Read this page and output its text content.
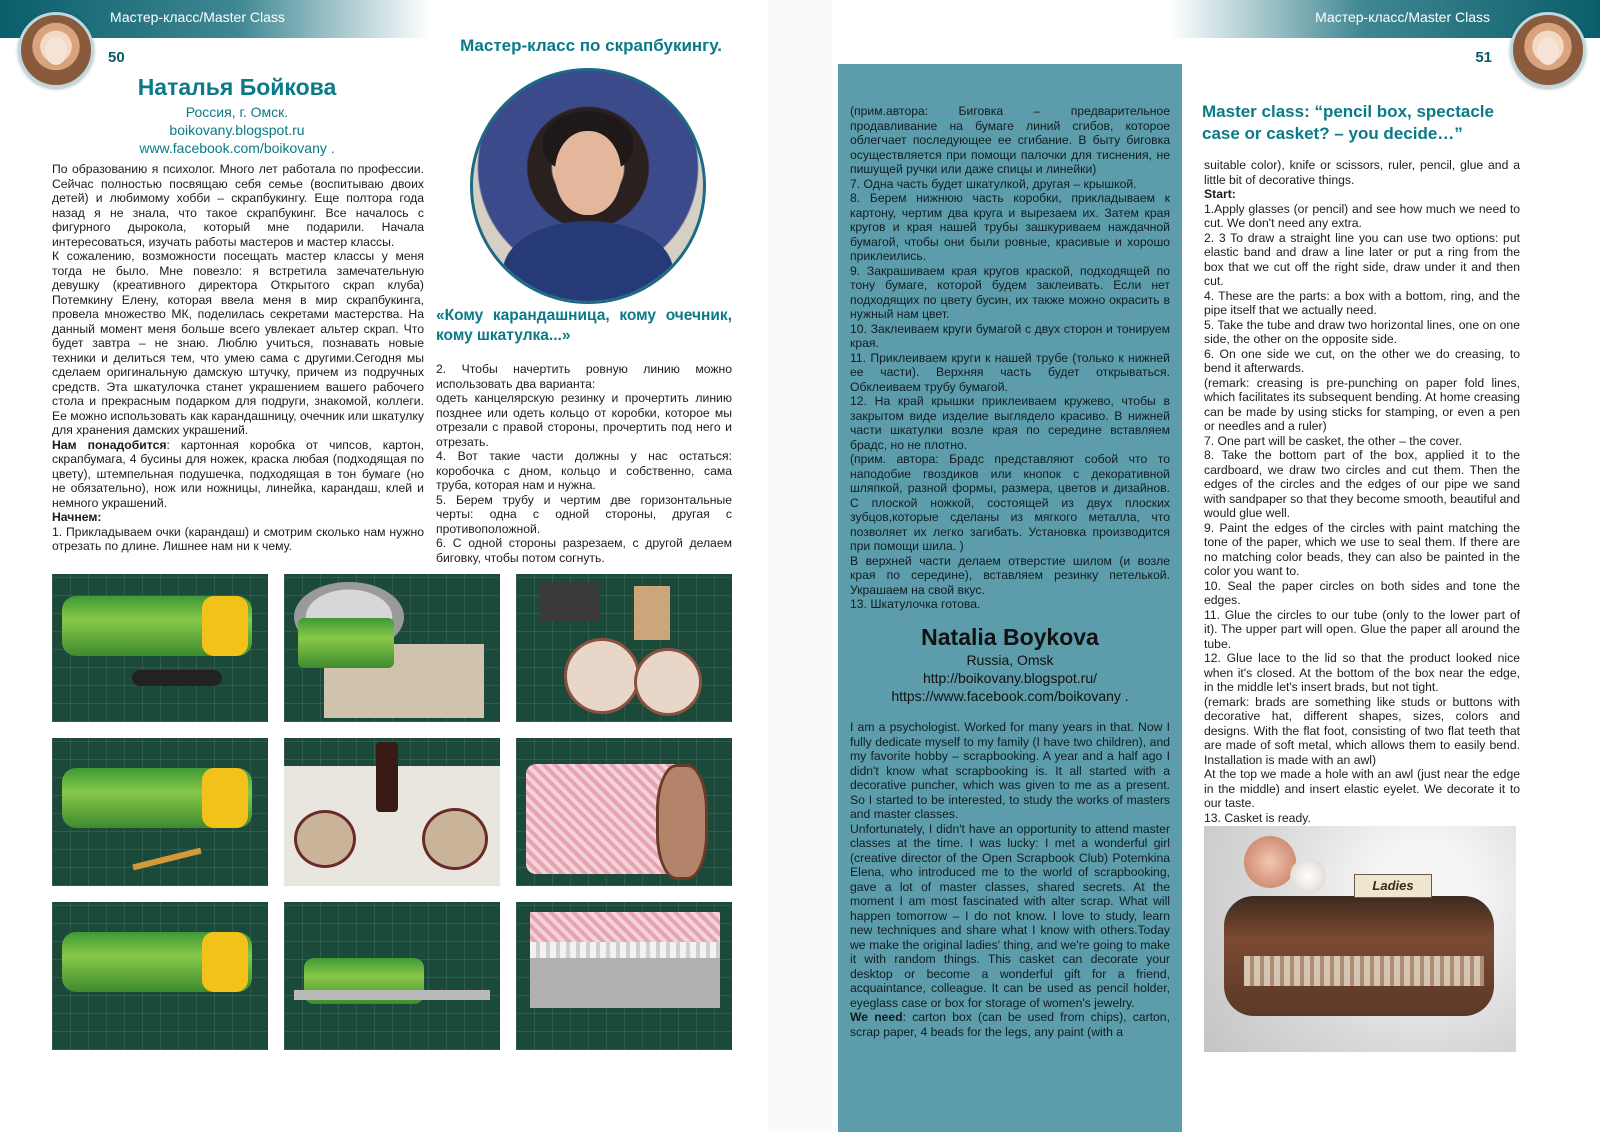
Мастер-класс/Master Class
50
Мастер-класс по скрапбукингу.
Наталья Бойкова
Россия, г. Омск.
boikovany.blogspot.ru
www.facebook.com/boikovany .
«Кому карандашница, кому очечник, кому шкатулка...»

По образованию я психолог. Много лет работала по профессии. Сейчас полностью посвящаю себя семье (воспитываю двоих детей) и любимому хобби – скрапбукингу. Еще полтора года назад я не знала, что такое скрапбукинг. Все началось с фигурного дырокола, который мне подарили. Начала интересоваться, изучать работы мастеров и мастер классы.

К сожалению, возможности посещать мастер классы у меня тогда не было. Мне повезло: я встретила замечательную девушку (креативного директора Открытого скрап клуба) Потемкину Елену, которая ввела меня в мир скрапбукинга, провела множество МК, поделилась секретами мастерства. На данный момент меня больше всего увлекает альтер скрап. Что будет завтра – не знаю. Люблю учиться, познавать новые техники и делиться тем, что умею сама с другими.Сегодня мы сделаем оригинальную дамскую штучку, причем из подручных средств. Эта шкатулочка станет украшением вашего рабочего стола и прекрасным подарком для подруги, знакомой, коллеги. Ее можно использовать как карандашницу, очечник или шкатулку для хранения дамских украшений.

Нам понадобится: картонная коробка от чипсов, картон, скрапбумага, 4 бусины для ножек, краска любая (подходящая по цвету), штемпельная подушечка, подходящая в тон бумаге (но не обязательно), нож или ножницы, линейка, карандаш, клей и немного украшений.

Начнем:

1. Прикладываем очки (карандаш) и смотрим сколько нам нужно отрезать по длине. Лишнее нам ни к чему.

2. Чтобы начертить ровную линию можно использовать два варианта:

одеть канцелярскую резинку и прочертить линию позднее или одеть кольцо от коробки, которое мы отрезали с правой стороны, прочертить под него и отрезать.

4. Вот такие части должны у нас остаться: коробочка с дном, кольцо и собственно, сама труба, которая нам и нужна.

5. Берем трубу и чертим две горизонтальные черты: одна с одной стороны, другая с противоположной.

6. С одной стороны разрезаем, с другой делаем биговку, чтобы потом согнуть.

Мастер-класс/Master Class
51

(прим.автора: Биговка – предварительное продавливание на бумаге линий сгибов, которое облегчает последующее ее сгибание. В быту биговка осуществляется при помощи палочки для тиснения, не пишущей ручки или даже спицы и линейки)

7. Одна часть будет шкатулкой, другая – крышкой.

8. Берем нижнюю часть коробки, прикладываем к картону, чертим два круга и вырезаем их. Затем края кругов и края нашей трубы зашкуриваем наждачной бумагой, чтобы они были ровные, красивые и хорошо приклеились.

9. Закрашиваем края кругов краской, подходящей по тону бумаге, которой будем заклеивать. Если нет подходящих по цвету бусин, их также можно окрасить в нужный нам цвет.

10. Заклеиваем круги бумагой с двух сторон и тонируем края.

11. Приклеиваем круги к нашей трубе (только к нижней ее части). Верхняя часть будет открываться. Обклеиваем трубу бумагой.

12. На край крышки приклеиваем кружево, чтобы в закрытом виде изделие выглядело красиво. В нижней части шкатулки возле края по середине вставляем брадс, но не плотно.

(прим. автора: Брадс представляют собой что то наподобие гвоздиков или кнопок с декоративной шляпкой, разной формы, размера, цветов и дизайнов. С плоской ножкой, состоящей из двух плоских зубцов,которые сделаны из мягкого металла, что позволяет их легко загибать. Установка производится при помощи шила. )

В верхней части делаем отверстие шилом (и возле края по середине), вставляем резинку петелькой. Украшаем на свой вкус.

13. Шкатулочка готова.

Natalia Boykova
Russia, Omsk
http://boikovany.blogspot.ru/
https://www.facebook.com/boikovany .

I am a psychologist. Worked for many years in that. Now I fully dedicate myself to my family (I have two children), and my favorite hobby – scrapbooking. A year and a half ago I didn't know what scrapbooking is. It all started with a decorative puncher, which was given to me as a present. So I started to be interested, to study the works of masters and master classes.

Unfortunately, I didn't have an opportunity to attend master classes at the time. I was lucky: I met a wonderful girl (creative director of the Open Scrapbook Club) Potemkina Elena, who introduced me to the world of scrapbooking, gave a lot of master classes, shared secrets. At the moment I am most fascinated with alter scrap. What will happen tomorrow – I do not know. I love to study, learn new techniques and share what I know with others.Today we make the original ladies' thing, and we're going to make it with random things. This casket can decorate your desktop or become a wonderful gift for a friend, acquaintance, colleague. It can be used as pencil holder, eyeglass case or box for storage of women's jewelry.

We need: carton box (can be used from chips), carton, scrap paper, 4 beads for the legs, any paint (with a

Master class: “pencil box, spectacle case or casket? – you decide…”

suitable color), knife or scissors, ruler, pencil, glue and a little bit of decorative things.

Start:

1.Apply glasses (or pencil) and see how much we need to cut. We don't need any extra.

2. 3 To draw a straight line you can use two options: put elastic band and draw a line later or put a ring from the box that we cut off the right side, draw under it and then cut.

4. These are the parts: a box with a bottom, ring, and the pipe itself that we actually need.

5. Take the tube and draw two horizontal lines, one on one side, the other on the opposite side.

6. On one side we cut, on the other we do creasing, to bend it afterwards.

(remark: creasing is pre-punching on paper fold lines, which facilitates its subsequent bending. At home creasing can be made by using sticks for stamping, or even a pen or needles and a ruler)

7. One part will be casket, the other – the cover.

8. Take the bottom part of the box, applied it to the cardboard, we draw two circles and cut them. Then the edges of the circles and the edges of our pipe we sand with sandpaper so that they become smooth, beautiful and would glue well.

9. Paint the edges of the circles with paint matching the tone of the paper, which we use to seal them. If there are no matching color beads, they can also be painted in the color you want to.

10. Seal the paper circles on both sides and tone the edges.

11. Glue the circles to our tube (only to the lower part of it). The upper part will open. Glue the paper all around the tube.

12. Glue lace to the lid so that the product looked nice when it's closed. At the bottom of the box near the edge, in the middle let's insert brads, but not tight.

(remark: brads are something like studs or buttons with decorative hat, different shapes, sizes, colors and designs. With the flat foot, consisting of two flat teeth that are made of soft metal, which allows them to easily bend. Installation is made with an awl)

At the top we made a hole with an awl (just near the edge in the middle) and insert elastic eyelet. We decorate it to our taste.

13. Casket is ready.

Ladies
